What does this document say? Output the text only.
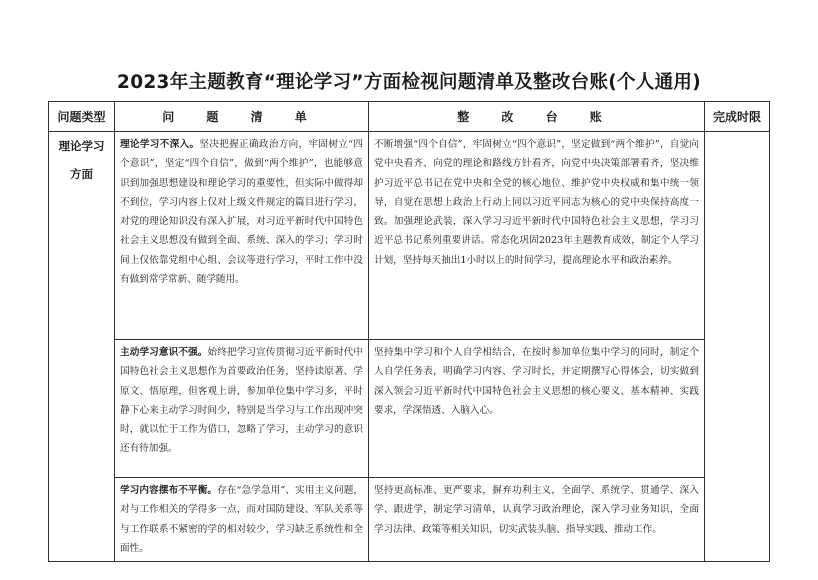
2023年主题教育“理论学习”方面检视问题清单及整改台账(个人通用)
问题类型	问 题 清 单	整 改 台 账	完成时限

理论学习
方面	理论学习不深入。坚决把握正确政治方向，牢固树立“四个意识”，坚定“四个自信”，做到“两个维护”，也能够意识到加强思想建设和理论学习的重要性，但实际中做得却不到位，学习内容上仅对上级文件规定的篇目进行学习，对党的理论知识没有深入扩展，对习近平新时代中国特色社会主义思想没有做到全面、系统、深入的学习；学习时间上仅依靠党组中心组、会议等进行学习，平时工作中没有做到常学常新、随学随用。	不断增强“四个自信”，牢固树立“四个意识”，坚定做到“两个维护”，自觉向党中央看齐、向党的理论和路线方针看齐，向党中央决策部署看齐，坚决维护习近平总书记在党中央和全党的核心地位、维护党中央权威和集中统一领导，自觉在思想上政治上行动上同以习近平同志为核心的党中央保持高度一致。加强理论武装，深入学习习近平新时代中国特色社会主义思想，学习习近平总书记系列重要讲话。常态化巩固2023年主题教育成效，制定个人学习计划，坚持每天抽出1小时以上的时间学习，提高理论水平和政治素养。	

	主动学习意识不强。始终把学习宣传贯彻习近平新时代中国特色社会主义思想作为首要政治任务，坚持读原著、学原文、悟原理，但客观上讲，参加单位集中学习多，平时静下心来主动学习时间少，特别是当学习与工作出现冲突时，就以忙于工作为借口，忽略了学习，主动学习的意识还有待加强。	坚持集中学习和个人自学相结合，在按时参加单位集中学习的同时，制定个人自学任务表，明确学习内容、学习时长，并定期撰写心得体会，切实做到深入领会习近平新时代中国特色社会主义思想的核心要义、基本精神、实践要求，学深悟透、入脑入心。	

	学习内容摆布不平衡。存在“急学急用”、实用主义问题，对与工作相关的学得多一点，而对国防建设、军队关系等与工作联系不紧密的学的相对较少，学习缺乏系统性和全面性。	坚持更高标准、更严要求，摒弃功利主义，全面学、系统学、贯通学、深入学、跟进学，制定学习清单，认真学习政治理论，深入学习业务知识，全面学习法律、政策等相关知识，切实武装头脑、指导实践、推动工作。	
